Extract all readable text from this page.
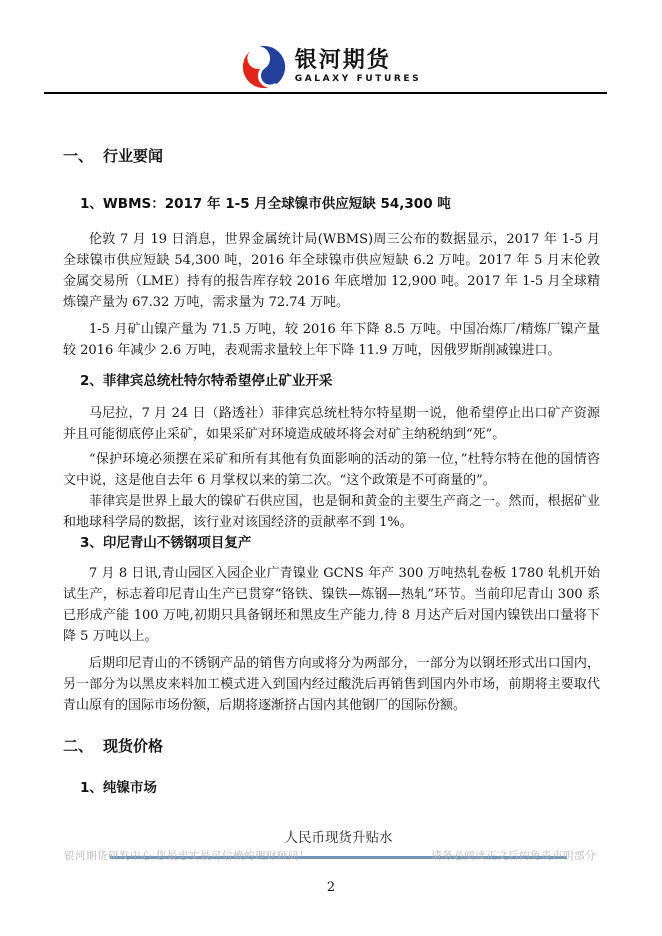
银河期货
GALAXY FUTURES
一、 行业要闻
1、WBMS：2017 年 1-5 月全球镍市供应短缺 54,300 吨

伦敦 7 月 19 日消息，世界金属统计局(WBMS)周三公布的数据显示，2017 年 1-5 月全球镍市供应短缺 54,300 吨，2016 年全球镍市供应短缺 6.2 万吨。2017 年 5 月末伦敦金属交易所（LME）持有的报告库存较 2016 年底增加 12,900 吨。2017 年 1-5 月全球精炼镍产量为 67.32 万吨，需求量为 72.74 万吨。

1-5 月矿山镍产量为 71.5 万吨，较 2016 年下降 8.5 万吨。中国冶炼厂/精炼厂镍产量较 2016 年减少 2.6 万吨，表观需求量较上年下降 11.9 万吨，因俄罗斯削减镍进口。

2、菲律宾总统杜特尔特希望停止矿业开采

马尼拉，7 月 24 日（路透社）菲律宾总统杜特尔特星期一说，他希望停止出口矿产资源并且可能彻底停止采矿，如果采矿对环境造成破坏将会对矿主纳税纳到“死”。

“保护环境必须摆在采矿和所有其他有负面影响的活动的第一位，”杜特尔特在他的国情咨文中说，这是他自去年 6 月掌权以来的第二次。“这个政策是不可商量的”。

菲律宾是世界上最大的镍矿石供应国，也是铜和黄金的主要生产商之一。然而，根据矿业和地球科学局的数据，该行业对该国经济的贡献率不到 1%。

3、印尼青山不锈钢项目复产

7 月 8 日讯,青山园区入园企业广青镍业 GCNS 年产 300 万吨热轧卷板 1780 轧机开始试生产，标志着印尼青山生产已贯穿“铬铁、镍铁—炼钢—热轧”环节。当前印尼青山 300 系已形成产能 100 万吨,初期只具备钢坯和黑皮生产能力,待 8 月达产后对国内镍铁出口量将下降 5 万吨以上。

后期印尼青山的不锈钢产品的销售方向或将分为两部分，一部分为以钢坯形式出口国内，另一部分为以黑皮来料加工模式进入到国内经过酸洗后再销售到国内外市场，前期将主要取代青山原有的国际市场份额，后期将逐渐挤占国内其他钢厂的国际份额。

二、 现货价格
1、纯镍市场
人民币现货升贴水
银河期货研发中心 您最忠实最可信赖的理财顾问！	请务必阅读正文后的免责声明部分
2
